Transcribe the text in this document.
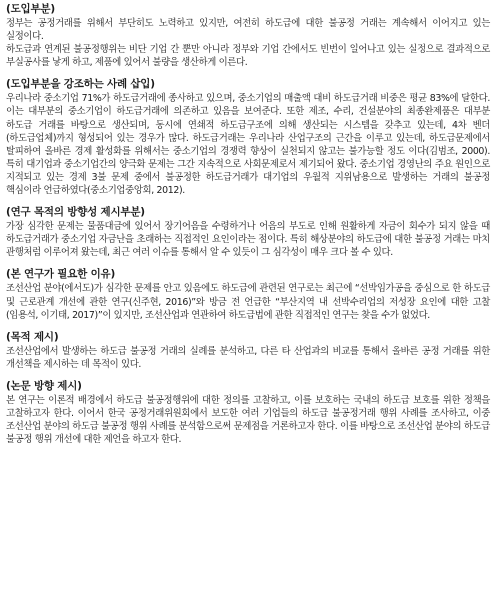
(도입부분)

정부는 공정거래를 위해서 부단히도 노력하고 있지만, 여전히 하도급에 대한 불공정 거래는 계속해서 이어지고 있는 실정이다.

하도급과 연계된 불공정행위는 비단 기업 간 뿐만 아니라 정부와 기업 간에서도 빈번이 일어나고 있는 실정으로 결과적으로 부실공사를 낳게 하고, 제품에 있어서 불량을 생산하게 이른다.

(도입부분을 강조하는 사례 삽입)

우리나라 중소기업 71%가 하도급거래에 종사하고 있으며, 중소기업의 매출액 대비 하도급거래 비중은 평균 83%에 달한다. 이는 대부분의 중소기업이 하도급거래에 의존하고 있음을 보여준다. 또한 제조, 수리, 건설분야의 최종완제품은 대부분 하도급 거래를 바탕으로 생산되며, 동시에 연쇄적 하도급구조에 의해 생산되는 시스템을 갖추고 있는데, 4차 벤더(하도급업체)까지 형성되어 있는 경우가 많다. 하도급거래는 우리나라 산업구조의 근간을 이루고 있는데, 하도급문제에서 탈피하여 올바른 경제 활성화를 위해서는 중소기업의 경쟁력 향상이 실천되지 않고는 불가능할 정도 이다(김범조, 2000). 특히 대기업과 중소기업간의 양극화 문제는 그간 지속적으로 사회문제로서 제기되어 왔다. 중소기업 경영난의 주요 원인으로 지적되고 있는 경제 3불 문제 중에서 불공정한 하도급거래가 대기업의 우월적 지위남용으로 발생하는 거래의 불공정 핵심이라 언급하였다(중소기업중앙회, 2012).

(연구 목적의 방향성 제시부분)

가장 심각한 문제는 물품대금에 있어서 장기어음을 수령하거나 어음의 부도로 인해 원활하게 자금이 회수가 되지 않을 때 하도급거래가 중소기업 자금난을 초래하는 직접적인 요인이라는 점이다. 특히 해상분야의 하도급에 대한 불공정 거래는 마치 관행처럼 이루어져 왔는데, 최근 여러 이슈를 통해서 알 수 있듯이 그 심각성이 매우 크다 볼 수 있다.

(본 연구가 필요한 이유)

조선산업 분야(에서도)가 심각한 문제를 안고 있음에도 하도급에 관련된 연구로는 최근에 “선박임가공을 중심으로 한 하도급 및 근로관계 개선에 관한 연구(신주현, 2016)”와 방금 전 언급한 “부산지역 내 선박수리업의 저성장 요인에 대한 고찰(임용석, 이기태, 2017)”이 있지만, 조선산업과 연관하여 하도급법에 관한 직접적인 연구는 찾을 수가 없었다.

(목적 제시)

조선산업에서 발생하는 하도급 불공정 거래의 실례를 분석하고, 다른 타 산업과의 비교를 통해서 올바른 공정 거래를 위한 개선책을 제시하는 데 목적이 있다.

(논문 방향 제시)

본 연구는 이론적 배경에서 하도급 불공정행위에 대한 정의를 고찰하고, 이를 보호하는 국내의 하도급 보호를 위한 정책을 고찰하고자 한다. 이어서 한국 공정거래위원회에서 보도한 여러 기업들의 하도급 불공정거래 행위 사례를 조사하고, 이중 조선산업 분야의 하도급 불공정 행위 사례를 분석함으로써 문제점을 거론하고자 한다. 이를 바탕으로 조선산업 분야의 하도급 불공정 행위 개선에 대한 제언을 하고자 한다.
